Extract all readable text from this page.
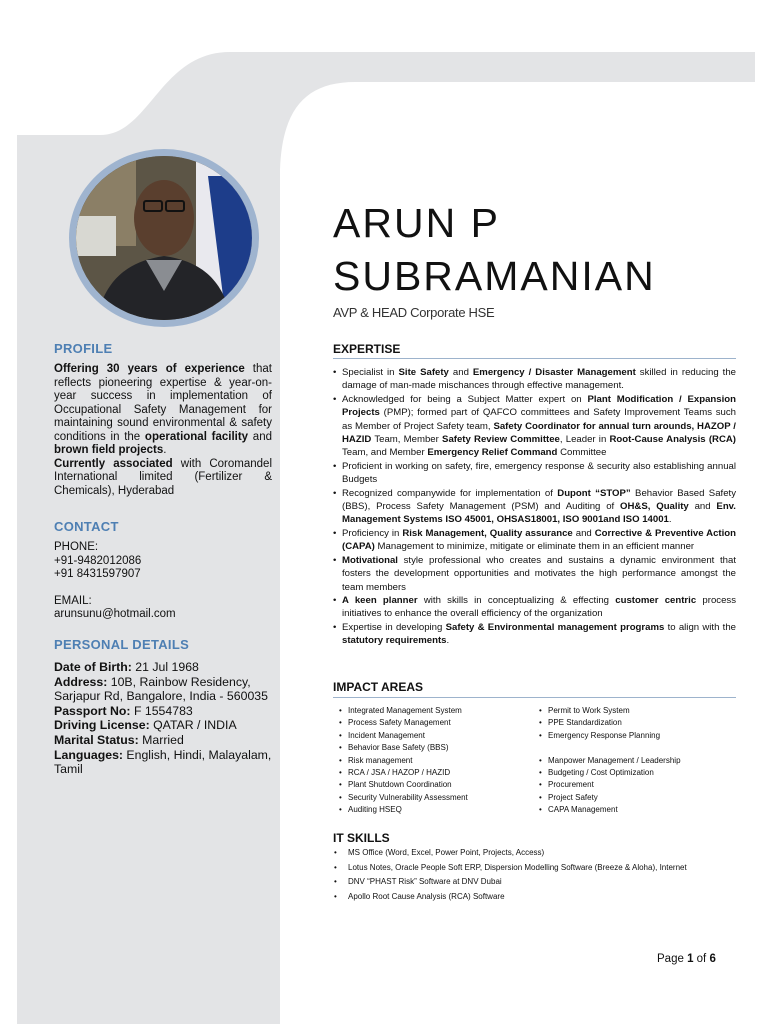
PROFILE
Offering 30 years of experience that reflects pioneering expertise & year-on-year success in implementation of Occupational Safety Management for maintaining sound environmental & safety conditions in the operational facility and brown field projects.
Currently associated with Coromandel International limited (Fertilizer & Chemicals), Hyderabad
CONTACT
PHONE:
+91-9482012086
+91 8431597907
EMAIL:
arunsunu@hotmail.com
PERSONAL DETAILS
Date of Birth: 21 Jul 1968
Address: 10B, Rainbow Residency, Sarjapur Rd, Bangalore, India - 560035
Passport No: F 1554783
Driving License: QATAR / INDIA
Marital Status: Married
Languages: English, Hindi, Malayalam, Tamil
ARUN P
SUBRAMANIAN
AVP & HEAD Corporate HSE
EXPERTISE
• Specialist in Site Safety and Emergency / Disaster Management skilled in reducing the damage of man-made mischances through effective management.
• Acknowledged for being a Subject Matter expert on Plant Modification / Expansion Projects (PMP); formed part of QAFCO committees and Safety Improvement Teams such as Member of Project Safety team, Safety Coordinator for annual turn arounds, HAZOP / HAZID Team, Member Safety Review Committee, Leader in Root-Cause Analysis (RCA) Team, and Member Emergency Relief Command Committee
• Proficient in working on safety, fire, emergency response & security also establishing annual Budgets
• Recognized companywide for implementation of Dupont “STOP” Behavior Based Safety (BBS), Process Safety Management (PSM) and Auditing of OH&S, Quality and Env. Management Systems ISO 45001, OHSAS18001, ISO 9001and ISO 14001.
• Proficiency in Risk Management, Quality assurance and Corrective & Preventive Action (CAPA) Management to minimize, mitigate or eliminate them in an efficient manner
• Motivational style professional who creates and sustains a dynamic environment that fosters the development opportunities and motivates the high performance amongst the team members
• A keen planner with skills in conceptualizing & effecting customer centric process initiatives to enhance the overall efficiency of the organization
• Expertise in developing Safety & Environmental management programs to align with the statutory requirements.
IMPACT AREAS
• Integrated Management System
• Process Safety Management
• Incident Management
• Behavior Base Safety (BBS)
• Risk management
• RCA / JSA / HAZOP / HAZID
• Plant Shutdown Coordination
• Security Vulnerability Assessment
• Auditing HSEQ
• Permit to Work System
• PPE Standardization
• Emergency Response Planning
• Manpower Management / Leadership
• Budgeting / Cost Optimization
• Procurement
• Project Safety
• CAPA Management
IT SKILLS
• MS Office (Word, Excel, Power Point, Projects, Access)
• Lotus Notes, Oracle People Soft ERP, Dispersion Modelling Software (Breeze & Aloha), Internet
• DNV “PHAST Risk” Software at DNV Dubai
• Apollo Root Cause Analysis (RCA) Software
Page 1 of 6
